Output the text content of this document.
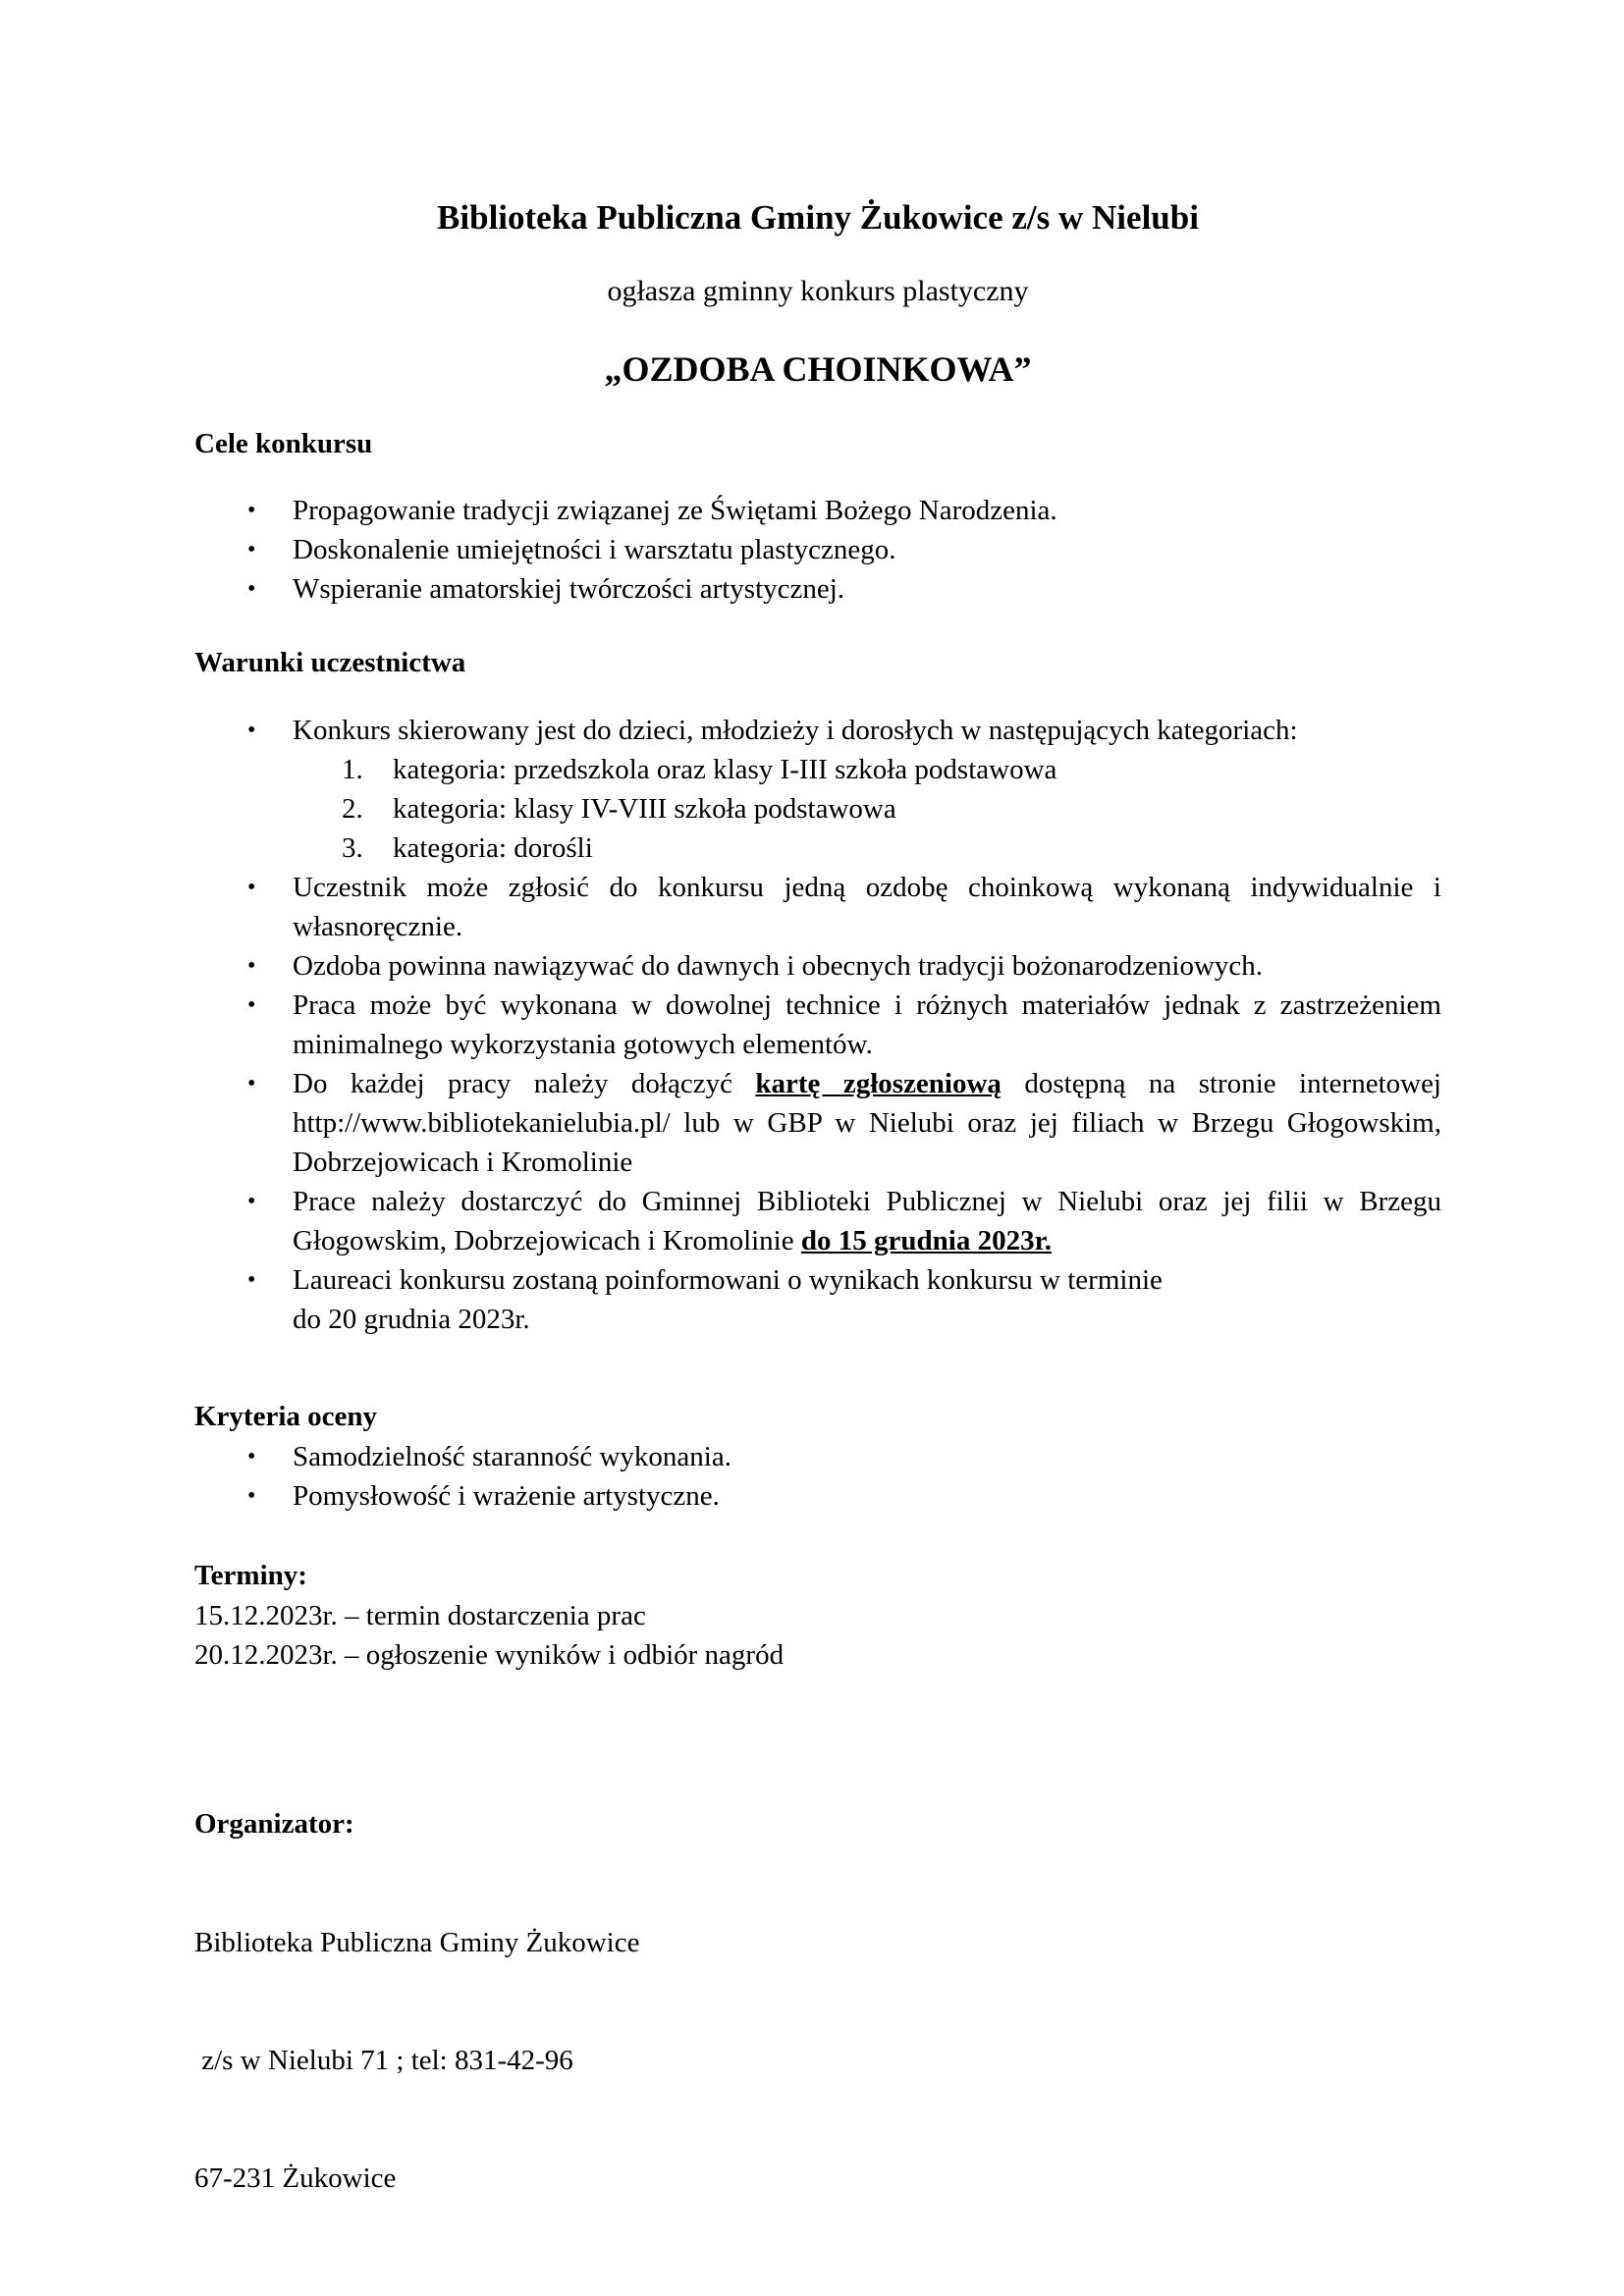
Biblioteka Publiczna Gminy Żukowice z/s w Nielubi
ogłasza gminny konkurs plastyczny
„OZDOBA CHOINKOWA”
Cele konkursu
• Propagowanie tradycji związanej ze Świętami Bożego Narodzenia.
• Doskonalenie umiejętności i warsztatu plastycznego.
• Wspieranie amatorskiej twórczości artystycznej.
Warunki uczestnictwa
• Konkurs skierowany jest do dzieci, młodzieży i dorosłych w następujących kategoriach:
1. kategoria: przedszkola oraz klasy I-III szkoła podstawowa
2. kategoria: klasy IV-VIII szkoła podstawowa
3. kategoria: dorośli
• Uczestnik może zgłosić do konkursu jedną ozdobę choinkową wykonaną indywidualnie i własnoręcznie.
• Ozdoba powinna nawiązywać do dawnych i obecnych tradycji bożonarodzeniowych.
• Praca może być wykonana w dowolnej technice i różnych materiałów jednak z zastrzeżeniem minimalnego wykorzystania gotowych elementów.
• Do każdej pracy należy dołączyć kartę zgłoszeniową dostępną na stronie internetowej http://www.bibliotekanielubia.pl/ lub w GBP w Nielubi oraz jej filiach w Brzegu Głogowskim, Dobrzejowicach i Kromolinie
• Prace należy dostarczyć do Gminnej Biblioteki Publicznej w Nielubi oraz jej filii w Brzegu Głogowskim, Dobrzejowicach i Kromolinie do 15 grudnia 2023r.
• Laureaci konkursu zostaną poinformowani o wynikach konkursu w terminie
do 20 grudnia 2023r.
Kryteria oceny
• Samodzielność staranność wykonania.
• Pomysłowość i wrażenie artystyczne.
Terminy:
15.12.2023r. – termin dostarczenia prac
20.12.2023r. – ogłoszenie wyników i odbiór nagród
Organizator:

Biblioteka Publiczna Gminy Żukowice

z/s w Nielubi 71 ; tel: 831-42-96

67-231 Żukowice
